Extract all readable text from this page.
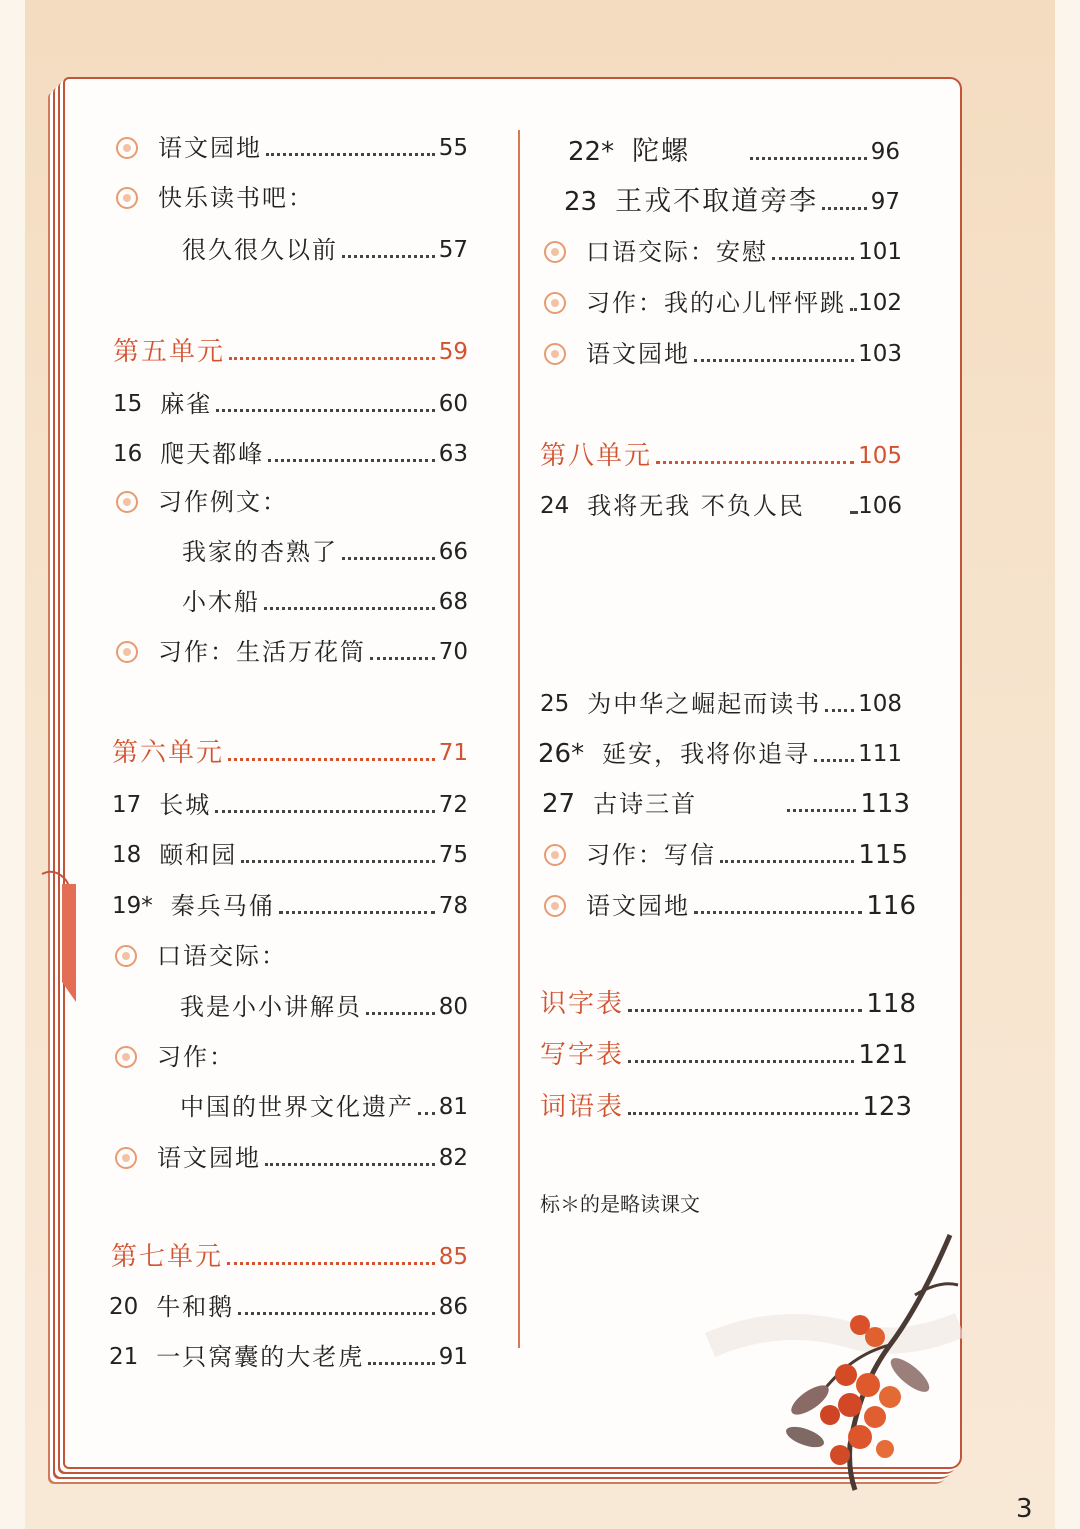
语文园地	55
快乐读书吧：
很久很久以前	57
第五单元	59
15 麻雀	60
16 爬天都峰	63
习作例文：
我家的杏熟了	66
小木船	68
习作：生活万花筒	70
第六单元	71
17 长城	72
18 颐和园	75
19* 秦兵马俑	78
口语交际：
我是小小讲解员	80
习作：
中国的世界文化遗产 81
语文园地	82
第七单元	85
20 牛和鹅	86
21 一只窝囊的大老虎	91
22* 陀螺	96
23 王戎不取道旁李 97
口语交际：安慰	101
习作：我的心儿怦怦跳 102
语文园地	103
第八单元	105
24 我将无我 不负人民 106
25 为中华之崛起而读书 108
26* 延安，我将你追寻 111
27 古诗三首	113
习作：写信	115
语文园地	116
识字表	118
写字表	121
词语表	123
标＊的是略读课文
3
